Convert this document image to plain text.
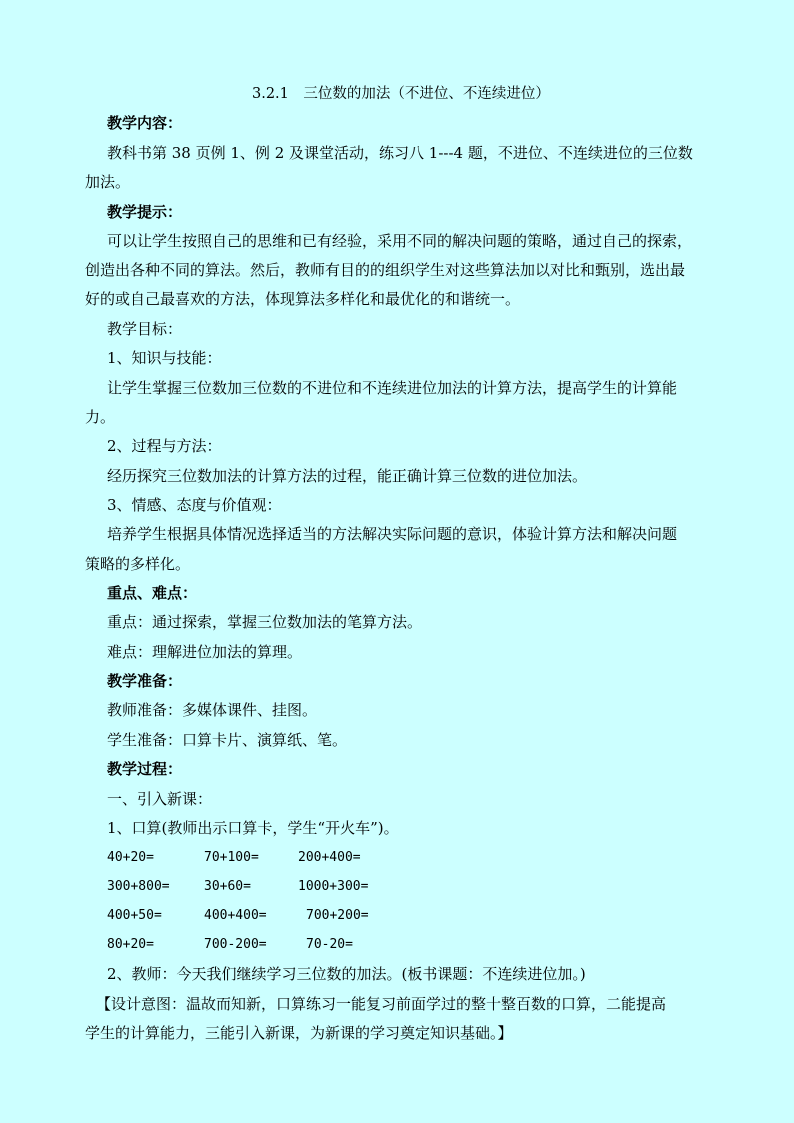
3.2.1　三位数的加法（不进位、不连续进位）
教学内容：
教科书第 38 页例 1、例 2 及课堂活动，练习八 1---4 题，不进位、不连续进位的三位数
加法。
教学提示：
可以让学生按照自己的思维和已有经验，采用不同的解决问题的策略，通过自己的探索，
创造出各种不同的算法。然后，教师有目的的组织学生对这些算法加以对比和甄别，选出最
好的或自己最喜欢的方法，体现算法多样化和最优化的和谐统一。
教学目标：
1、知识与技能：
让学生掌握三位数加三位数的不进位和不连续进位加法的计算方法，提高学生的计算能
力。
2、过程与方法：
经历探究三位数加法的计算方法的过程，能正确计算三位数的进位加法。
3、情感、态度与价值观：
培养学生根据具体情况选择适当的方法解决实际问题的意识，体验计算方法和解决问题
策略的多样化。
重点、难点：
重点：通过探索，掌握三位数加法的笔算方法。
难点：理解进位加法的算理。
教学准备：
教师准备：多媒体课件、挂图。
学生准备：口算卡片、演算纸、笔。
教学过程：
一、引入新课：
1、口算(教师出示口算卡，学生“开火车”)。
40+20=	70+100=	200+400=
300+800=	30+60=	1000+300=
400+50=	400+400=	700+200=
80+20=	700-200=	70-20=
2、教师：今天我们继续学习三位数的加法。(板书课题：不连续进位加。)
【设计意图：温故而知新，口算练习一能复习前面学过的整十整百数的口算，二能提高
学生的计算能力，三能引入新课，为新课的学习奠定知识基础。】
